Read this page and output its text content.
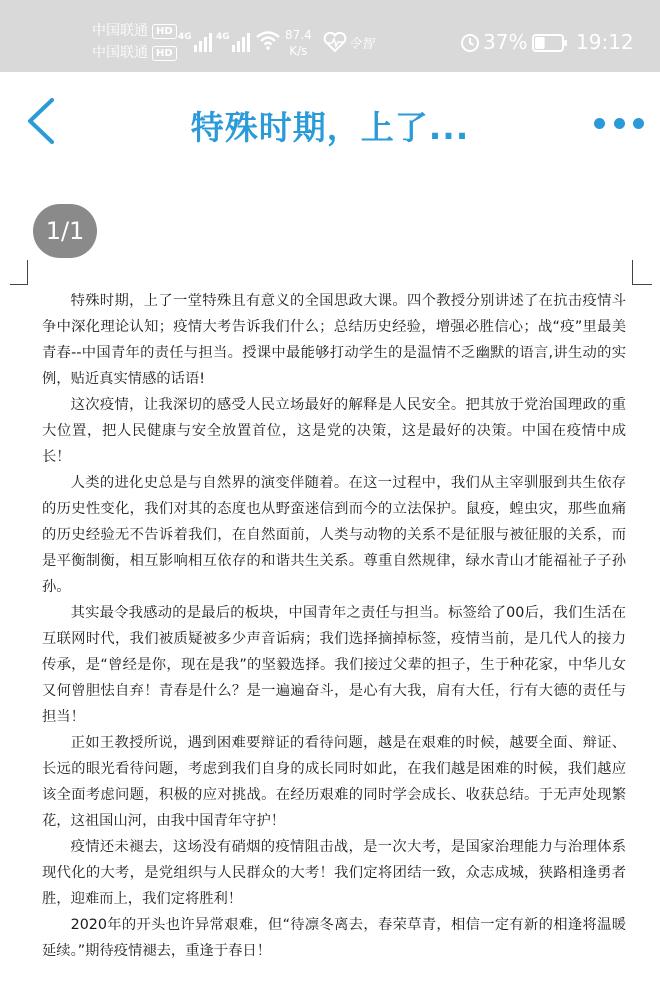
中国联通 HD
中国联通 HD
4G	4G	87.4
K/s	令智	37% 19:12
特殊时期，上了...
1/1

特殊时期，上了一堂特殊且有意义的全国思政大课。四个教授分别讲述了在抗击疫情斗争中深化理论认知；疫情大考告诉我们什么；总结历史经验，增强必胜信心；战“疫”里最美青春--中国青年的责任与担当。授课中最能够打动学生的是温情不乏幽默的语言,讲生动的实例，贴近真实情感的话语!

这次疫情，让我深切的感受人民立场最好的解释是人民安全。把其放于党治国理政的重大位置，把人民健康与安全放置首位，这是党的决策，这是最好的决策。中国在疫情中成长！

人类的进化史总是与自然界的演变伴随着。在这一过程中，我们从主宰驯服到共生依存的历史性变化，我们对其的态度也从野蛮迷信到而今的立法保护。鼠疫，蝗虫灾，那些血痛的历史经验无不告诉着我们，在自然面前，人类与动物的关系不是征服与被征服的关系，而是平衡制衡，相互影响相互依存的和谐共生关系。尊重自然规律，绿水青山才能福祉子子孙孙。

其实最令我感动的是最后的板块，中国青年之责任与担当。标签给了00后，我们生活在互联网时代，我们被质疑被多少声音诟病；我们选择摘掉标签，疫情当前，是几代人的接力传承，是“曾经是你，现在是我”的坚毅选择。我们接过父辈的担子，生于种花家，中华儿女又何曾胆怯自弃！青春是什么？是一遍遍奋斗，是心有大我，肩有大任，行有大德的责任与担当！

正如王教授所说，遇到困难要辩证的看待问题，越是在艰难的时候，越要全面、辩证、长远的眼光看待问题，考虑到我们自身的成长同时如此，在我们越是困难的时候，我们越应该全面考虑问题，积极的应对挑战。在经历艰难的同时学会成长、收获总结。于无声处现繁花，这祖国山河，由我中国青年守护！

疫情还未褪去，这场没有硝烟的疫情阻击战，是一次大考，是国家治理能力与治理体系现代化的大考，是党组织与人民群众的大考！我们定将团结一致，众志成城，狭路相逢勇者胜，迎难而上，我们定将胜利！

2020年的开头也许异常艰难，但“待凛冬离去，春荣草青，相信一定有新的相逢将温暖延续。”期待疫情褪去，重逢于春日！
